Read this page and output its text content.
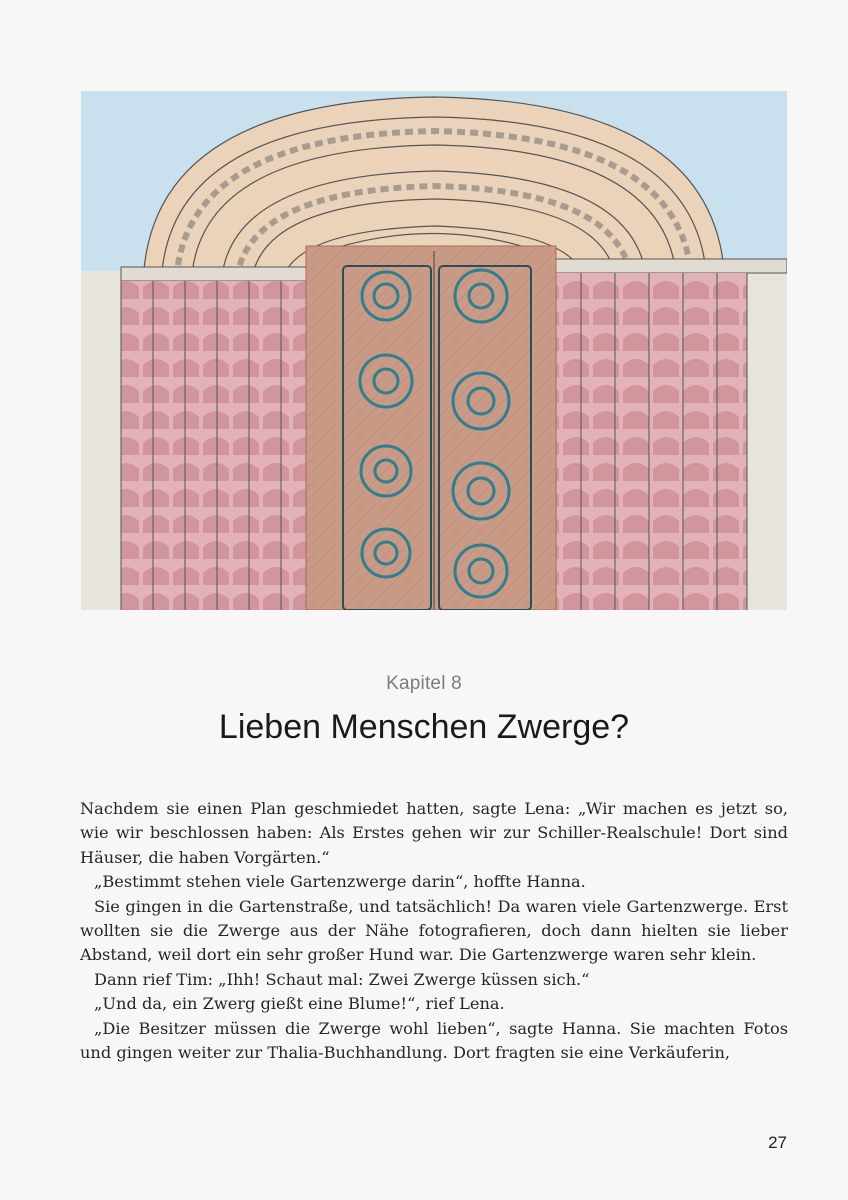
Kapitel 8
Lieben Menschen Zwerge?

Nachdem sie einen Plan geschmiedet hatten, sagte Lena: „Wir machen es jetzt so, wie wir beschlossen haben: Als Erstes gehen wir zur Schiller-Realschule! Dort sind Häuser, die haben Vorgärten.“

„Bestimmt stehen viele Gartenzwerge darin“, hoffte Hanna.

Sie gingen in die Gartenstraße, und tatsächlich! Da waren viele Gartenzwerge. Erst wollten sie die Zwerge aus der Nähe fotografieren, doch dann hielten sie lieber Abstand, weil dort ein sehr großer Hund war. Die Gartenzwerge waren sehr klein.

Dann rief Tim: „Ihh! Schaut mal: Zwei Zwerge küssen sich.“

„Und da, ein Zwerg gießt eine Blume!“, rief Lena.

„Die Besitzer müssen die Zwerge wohl lieben“, sagte Hanna. Sie machten Fotos und gingen weiter zur Thalia-Buchhandlung. Dort fragten sie eine Verkäuferin,

27
